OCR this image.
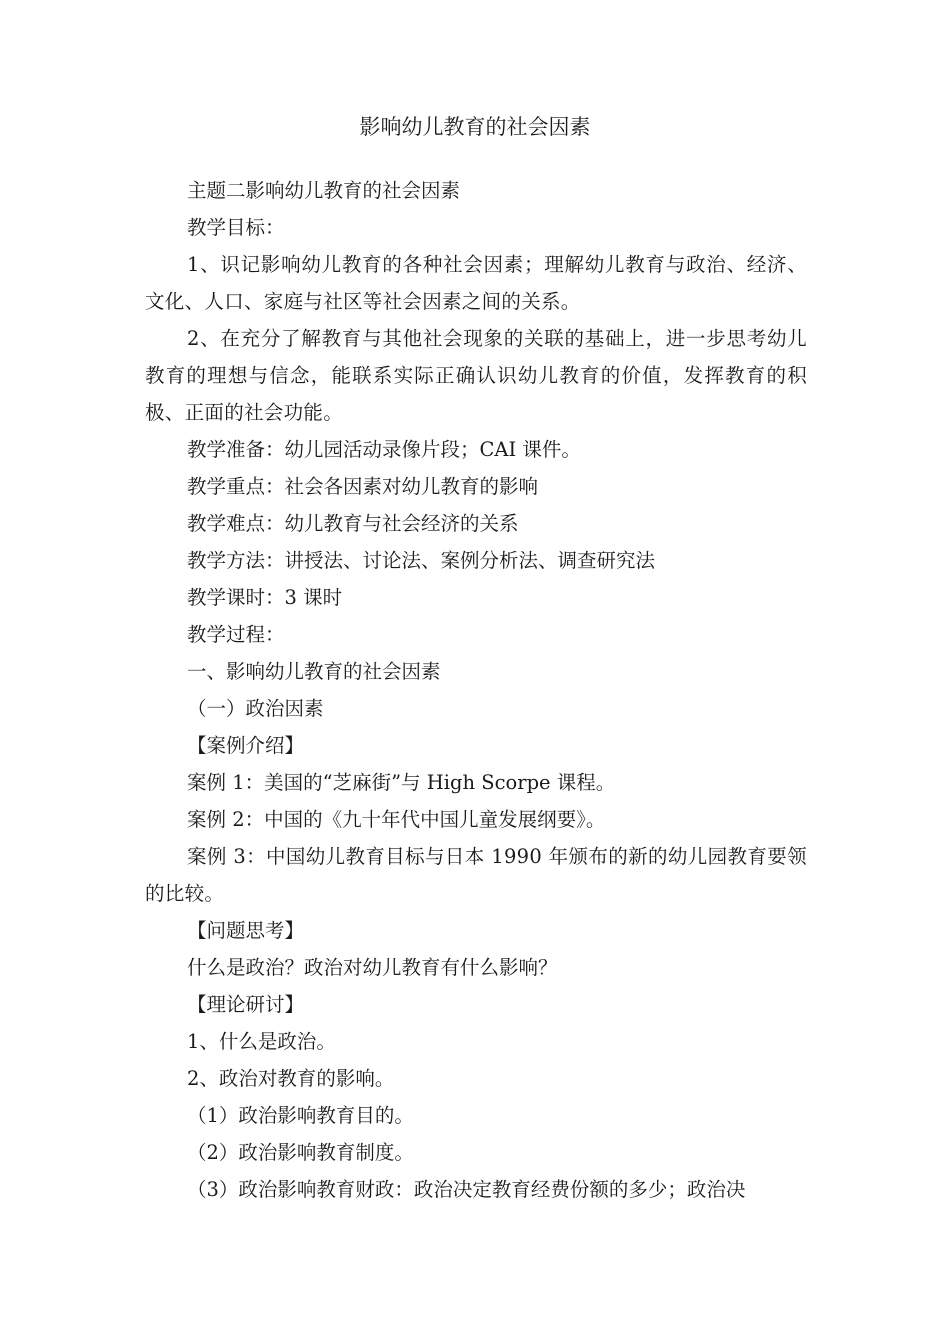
影响幼儿教育的社会因素

主题二影响幼儿教育的社会因素

教学目标：

1、识记影响幼儿教育的各种社会因素；理解幼儿教育与政治、经济、文化、人口、家庭与社区等社会因素之间的关系。

2、在充分了解教育与其他社会现象的关联的基础上，进一步思考幼儿教育的理想与信念，能联系实际正确认识幼儿教育的价值，发挥教育的积极、正面的社会功能。

教学准备：幼儿园活动录像片段；CAI 课件。

教学重点：社会各因素对幼儿教育的影响

教学难点：幼儿教育与社会经济的关系

教学方法：讲授法、讨论法、案例分析法、调查研究法

教学课时：3 课时

教学过程：

一、影响幼儿教育的社会因素

（一）政治因素

【案例介绍】

案例 1：美国的“芝麻街”与 High Scorpe 课程。

案例 2：中国的《九十年代中国儿童发展纲要》。

案例 3：中国幼儿教育目标与日本 1990 年颁布的新的幼儿园教育要领的比较。

【问题思考】

什么是政治？政治对幼儿教育有什么影响？

【理论研讨】

1、什么是政治。

2、政治对教育的影响。

（1）政治影响教育目的。

（2）政治影响教育制度。

（3）政治影响教育财政：政治决定教育经费份额的多少；政治决
